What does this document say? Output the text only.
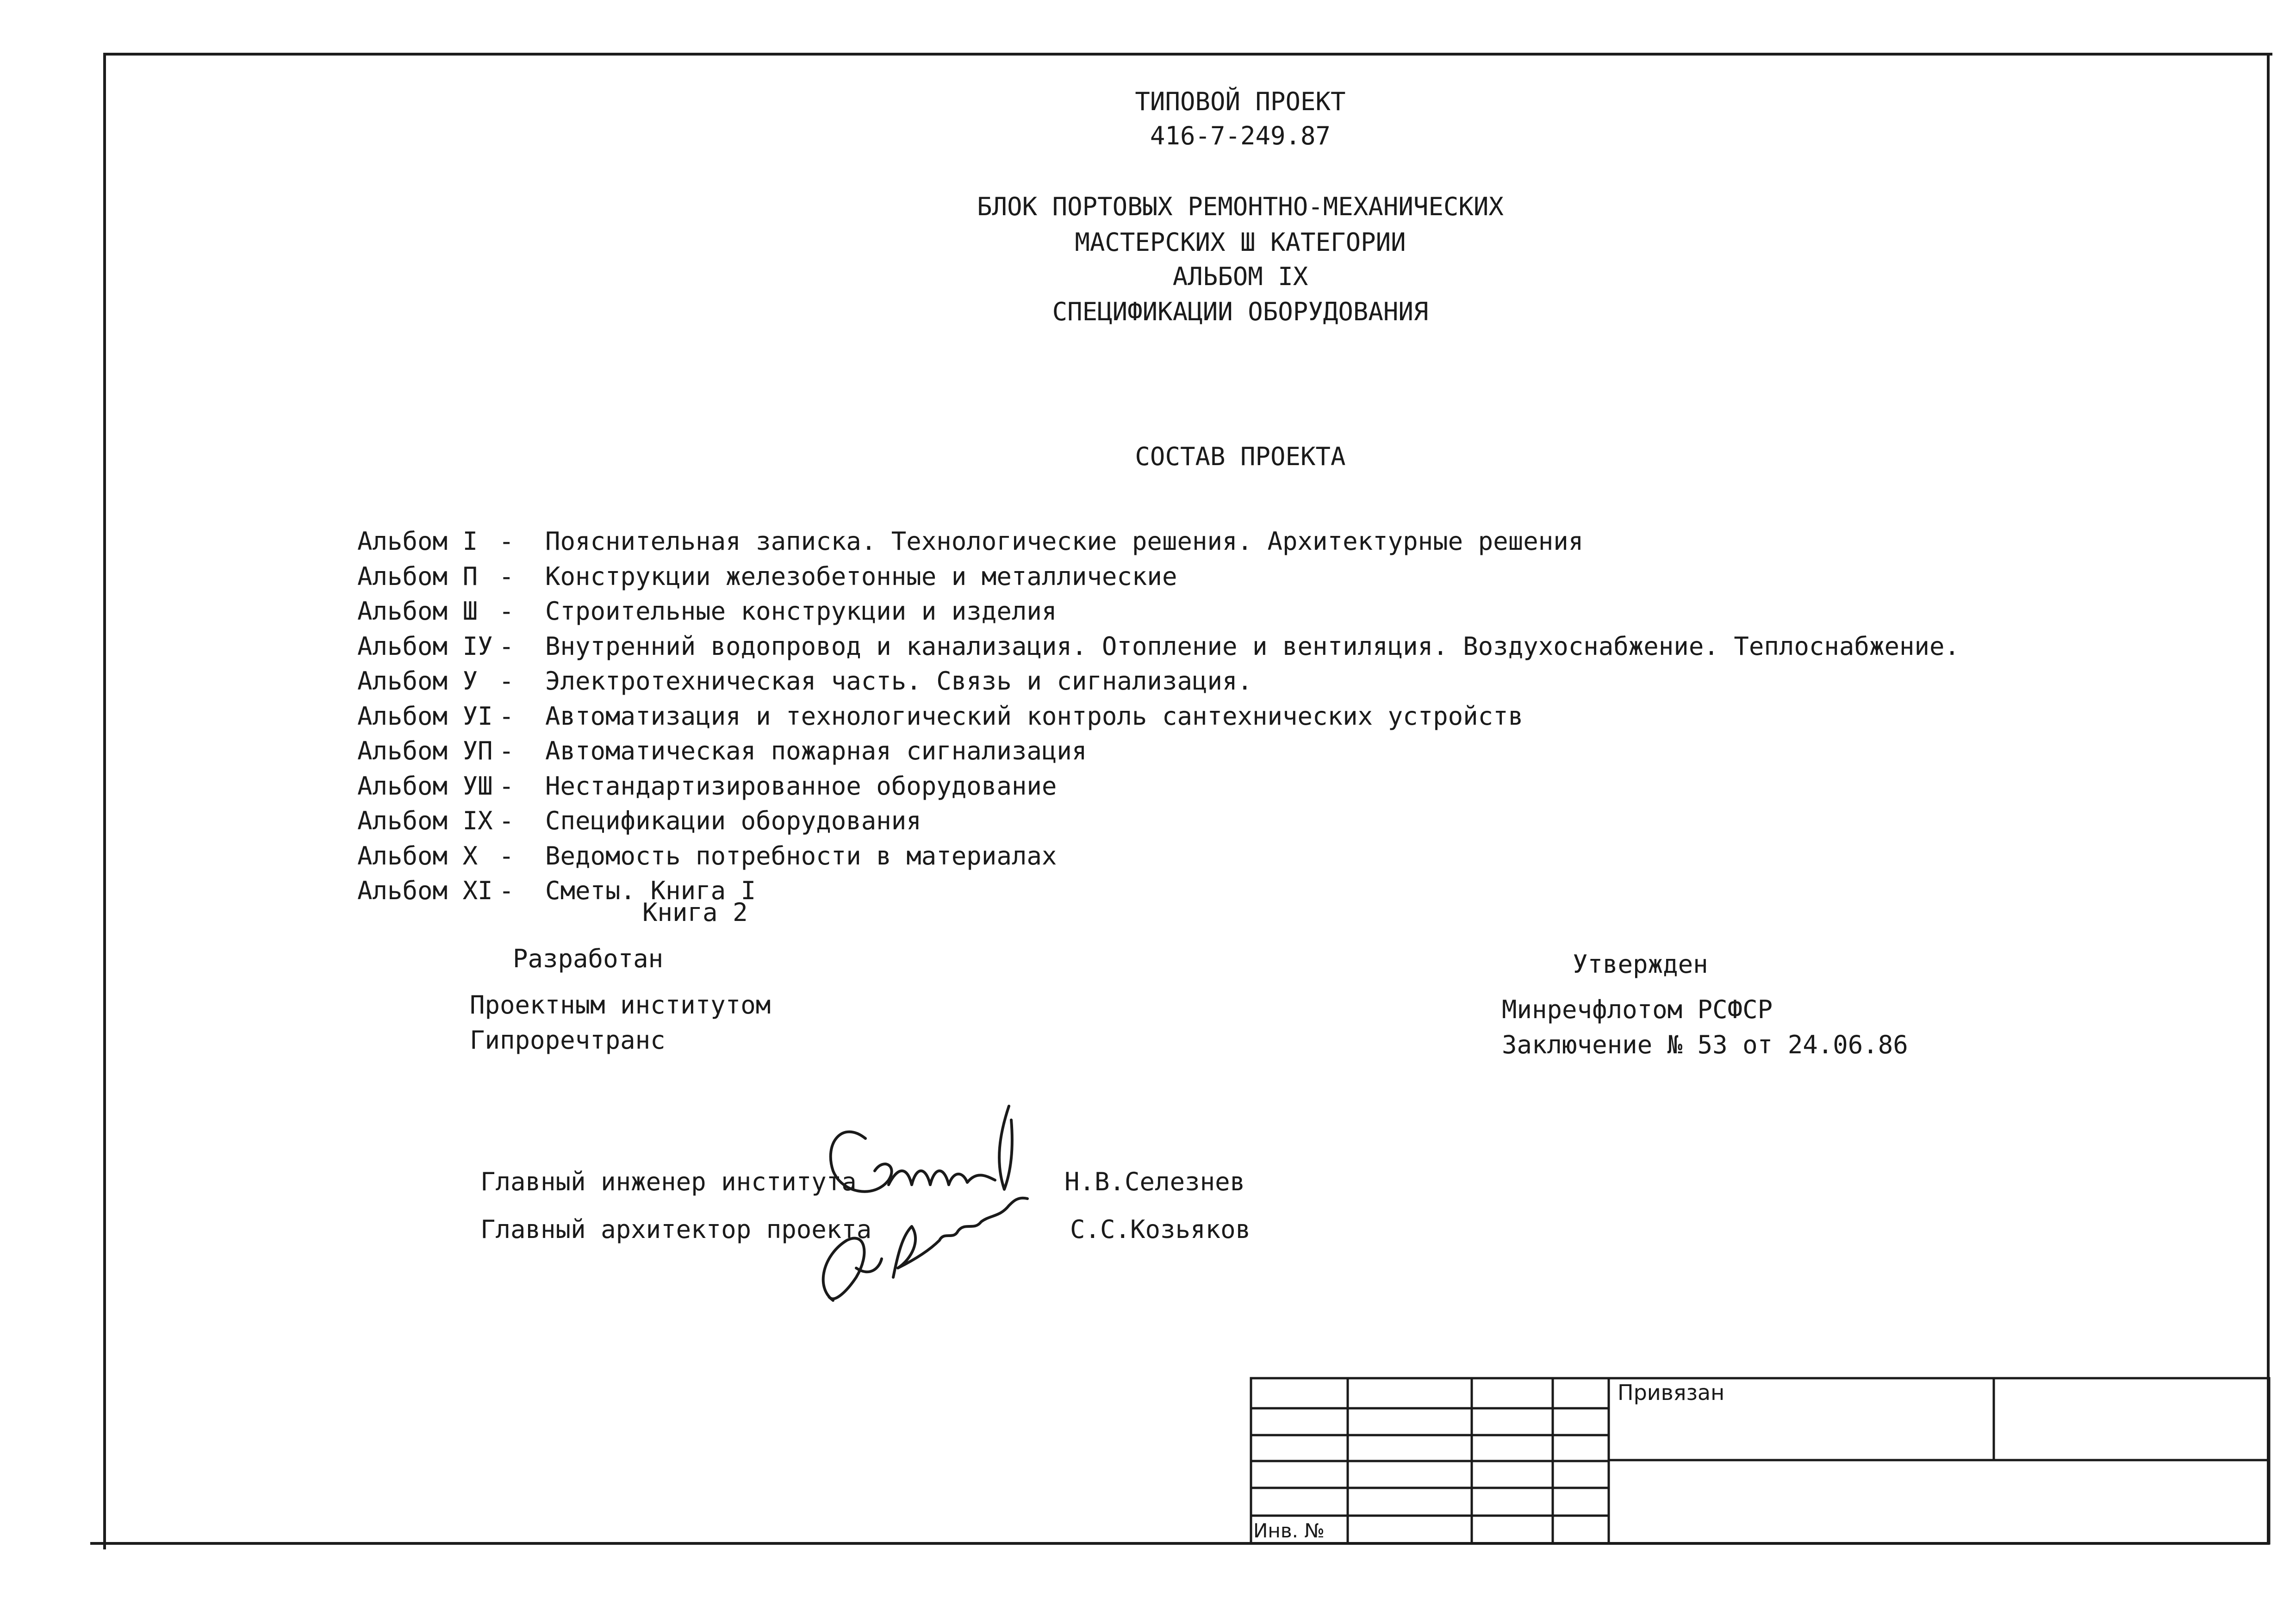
ТИПОВОЙ ПРОЕКТ
416-7-249.87
БЛОК ПОРТОВЫХ РЕМОНТНО-МЕХАНИЧЕСКИХ
МАСТЕРСКИХ Ш КАТЕГОРИИ
АЛЬБОМ IX
СПЕЦИФИКАЦИИ ОБОРУДОВАНИЯ
СОСТАВ ПРОЕКТА
Альбом I - Пояснительная записка. Технологические решения. Архитектурные решения
Альбом П - Конструкции железобетонные и металлические
Альбом Ш - Строительные конструкции и изделия
Альбом IУ - Внутренний водопровод и канализация. Отопление и вентиляция. Воздухоснабжение. Теплоснабжение.
Альбом У - Электротехническая часть. Связь и сигнализация.
Альбом УI - Автоматизация и технологический контроль сантехнических устройств
Альбом УП - Автоматическая пожарная сигнализация
Альбом УШ - Нестандартизированное оборудование
Альбом IX - Спецификации оборудования
Альбом X - Ведомость потребности в материалах
Альбом XI - Сметы. Книга I
Книга 2
Разработан
Проектным институтом
Гипроречтранс
Утвержден
Минречфлотом РСФСР
Заключение № 53 от 24.06.86
Главный инженер института	Н.В.Селезнев
Главный архитектор проекта	С.С.Козьяков
Привязан
Инв. №
